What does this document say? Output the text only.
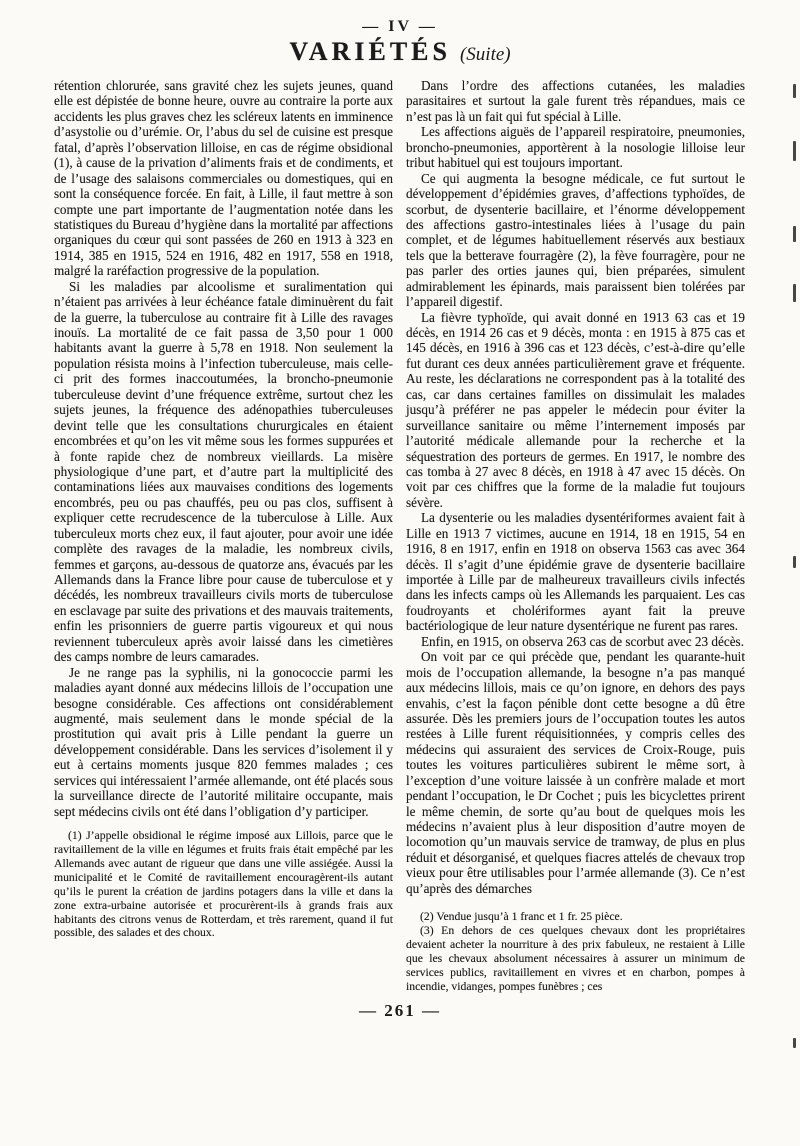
— IV —
VARIÉTÉS (Suite)

rétention chlorurée, sans gravité chez les sujets jeunes, quand elle est dépistée de bonne heure, ouvre au contraire la porte aux accidents les plus graves chez les scléreux latents en imminence d’asystolie ou d’urémie. Or, l’abus du sel de cuisine est presque fatal, d’après l’observation lilloise, en cas de régime obsidional (1), à cause de la privation d’aliments frais et de condiments, et de l’usage des salaisons commerciales ou domestiques, qui en sont la conséquence forcée. En fait, à Lille, il faut mettre à son compte une part importante de l’augmentation notée dans les statistiques du Bureau d’hygiène dans la mortalité par affections organiques du cœur qui sont passées de 260 en 1913 à 323 en 1914, 385 en 1915, 524 en 1916, 482 en 1917, 558 en 1918, malgré la raréfaction progressive de la population.

Si les maladies par alcoolisme et suralimentation qui n’étaient pas arrivées à leur échéance fatale diminuèrent du fait de la guerre, la tuberculose au contraire fit à Lille des ravages inouïs. La mortalité de ce fait passa de 3,50 pour 1 000 habitants avant la guerre à 5,78 en 1918. Non seulement la population résista moins à l’infection tuberculeuse, mais celle-ci prit des formes inaccoutumées, la broncho-pneumonie tuberculeuse devint d’une fréquence extrême, surtout chez les sujets jeunes, la fréquence des adénopathies tuberculeuses devint telle que les consultations chururgicales en étaient encombrées et qu’on les vit même sous les formes suppurées et à fonte rapide chez de nombreux vieillards. La misère physiologique d’une part, et d’autre part la multiplicité des contaminations liées aux mauvaises conditions des logements encombrés, peu ou pas chauffés, peu ou pas clos, suffisent à expliquer cette recrudescence de la tuberculose à Lille. Aux tuberculeux morts chez eux, il faut ajouter, pour avoir une idée complète des ravages de la maladie, les nombreux civils, femmes et garçons, au-dessous de quatorze ans, évacués par les Allemands dans la France libre pour cause de tuberculose et y décédés, les nombreux travailleurs civils morts de tuberculose en esclavage par suite des privations et des mauvais traitements, enfin les prisonniers de guerre partis vigoureux et qui nous reviennent tuberculeux après avoir laissé dans les cimetières des camps nombre de leurs camarades.

Je ne range pas la syphilis, ni la gonococcie parmi les maladies ayant donné aux médecins lillois de l’occupation une besogne considérable. Ces affections ont considérablement augmenté, mais seulement dans le monde spécial de la prostitution qui avait pris à Lille pendant la guerre un développement considérable. Dans les services d’isolement il y eut à certains moments jusque 820 femmes malades ; ces services qui intéressaient l’armée allemande, ont été placés sous la surveillance directe de l’autorité militaire occupante, mais sept médecins civils ont été dans l’obligation d’y participer.

(1) J’appelle obsidional le régime imposé aux Lillois, parce que le ravitaillement de la ville en légumes et fruits frais était empêché par les Allemands avec autant de rigueur que dans une ville assiégée. Aussi la municipalité et le Comité de ravitaillement encouragèrent-ils autant qu’ils le purent la création de jardins potagers dans la ville et dans la zone extra-urbaine autorisée et procurèrent-ils à grands frais aux habitants des citrons venus de Rotterdam, et très rarement, quand il fut possible, des salades et des choux.

Dans l’ordre des affections cutanées, les maladies parasitaires et surtout la gale furent très répandues, mais ce n’est pas là un fait qui fut spécial à Lille.

Les affections aiguës de l’appareil respiratoire, pneumonies, broncho-pneumonies, apportèrent à la nosologie lilloise leur tribut habituel qui est toujours important.

Ce qui augmenta la besogne médicale, ce fut surtout le développement d’épidémies graves, d’affections typhoïdes, de scorbut, de dysenterie bacillaire, et l’énorme développement des affections gastro-intestinales liées à l’usage du pain complet, et de légumes habituellement réservés aux bestiaux tels que la betterave fourragère (2), la fève fourragère, pour ne pas parler des orties jaunes qui, bien préparées, simulent admirablement les épinards, mais paraissent bien tolérées par l’appareil digestif.

La fièvre typhoïde, qui avait donné en 1913 63 cas et 19 décès, en 1914 26 cas et 9 décès, monta : en 1915 à 875 cas et 145 décès, en 1916 à 396 cas et 123 décès, c’est-à-dire qu’elle fut durant ces deux années particulièrement grave et fréquente. Au reste, les déclarations ne correspondent pas à la totalité des cas, car dans certaines familles on dissimulait les malades jusqu’à préférer ne pas appeler le médecin pour éviter la surveillance sanitaire ou même l’internement imposés par l’autorité médicale allemande pour la recherche et la séquestration des porteurs de germes. En 1917, le nombre des cas tomba à 27 avec 8 décès, en 1918 à 47 avec 15 décès. On voit par ces chiffres que la forme de la maladie fut toujours sévère.

La dysenterie ou les maladies dysentériformes avaient fait à Lille en 1913 7 victimes, aucune en 1914, 18 en 1915, 54 en 1916, 8 en 1917, enfin en 1918 on observa 1563 cas avec 364 décès. Il s’agit d’une épidémie grave de dysenterie bacillaire importée à Lille par de malheureux travailleurs civils infectés dans les infects camps où les Allemands les parquaient. Les cas foudroyants et cholériformes ayant fait la preuve bactériologique de leur nature dysentérique ne furent pas rares.

Enfin, en 1915, on observa 263 cas de scorbut avec 23 décès.

On voit par ce qui précède que, pendant les quarante-huit mois de l’occupation allemande, la besogne n’a pas manqué aux médecins lillois, mais ce qu’on ignore, en dehors des pays envahis, c’est la façon pénible dont cette besogne a dû être assurée. Dès les premiers jours de l’occupation toutes les autos restées à Lille furent réquisitionnées, y compris celles des médecins qui assuraient des services de Croix-Rouge, puis toutes les voitures particulières subirent le même sort, à l’exception d’une voiture laissée à un confrère malade et mort pendant l’occupation, le Dr Cochet ; puis les bicyclettes prirent le même chemin, de sorte qu’au bout de quelques mois les médecins n’avaient plus à leur disposition d’autre moyen de locomotion qu’un mauvais service de tramway, de plus en plus réduit et désorganisé, et quelques fiacres attelés de chevaux trop vieux pour être utilisables pour l’armée allemande (3). Ce n’est qu’après des démarches

(2) Vendue jusqu’à 1 franc et 1 fr. 25 pièce.

(3) En dehors de ces quelques chevaux dont les propriétaires devaient acheter la nourriture à des prix fabuleux, ne restaient à Lille que les chevaux absolument nécessaires à assurer un minimum de services publics, ravitaillement en vivres et en charbon, pompes à incendie, vidanges, pompes funèbres ; ces

— 261 —
